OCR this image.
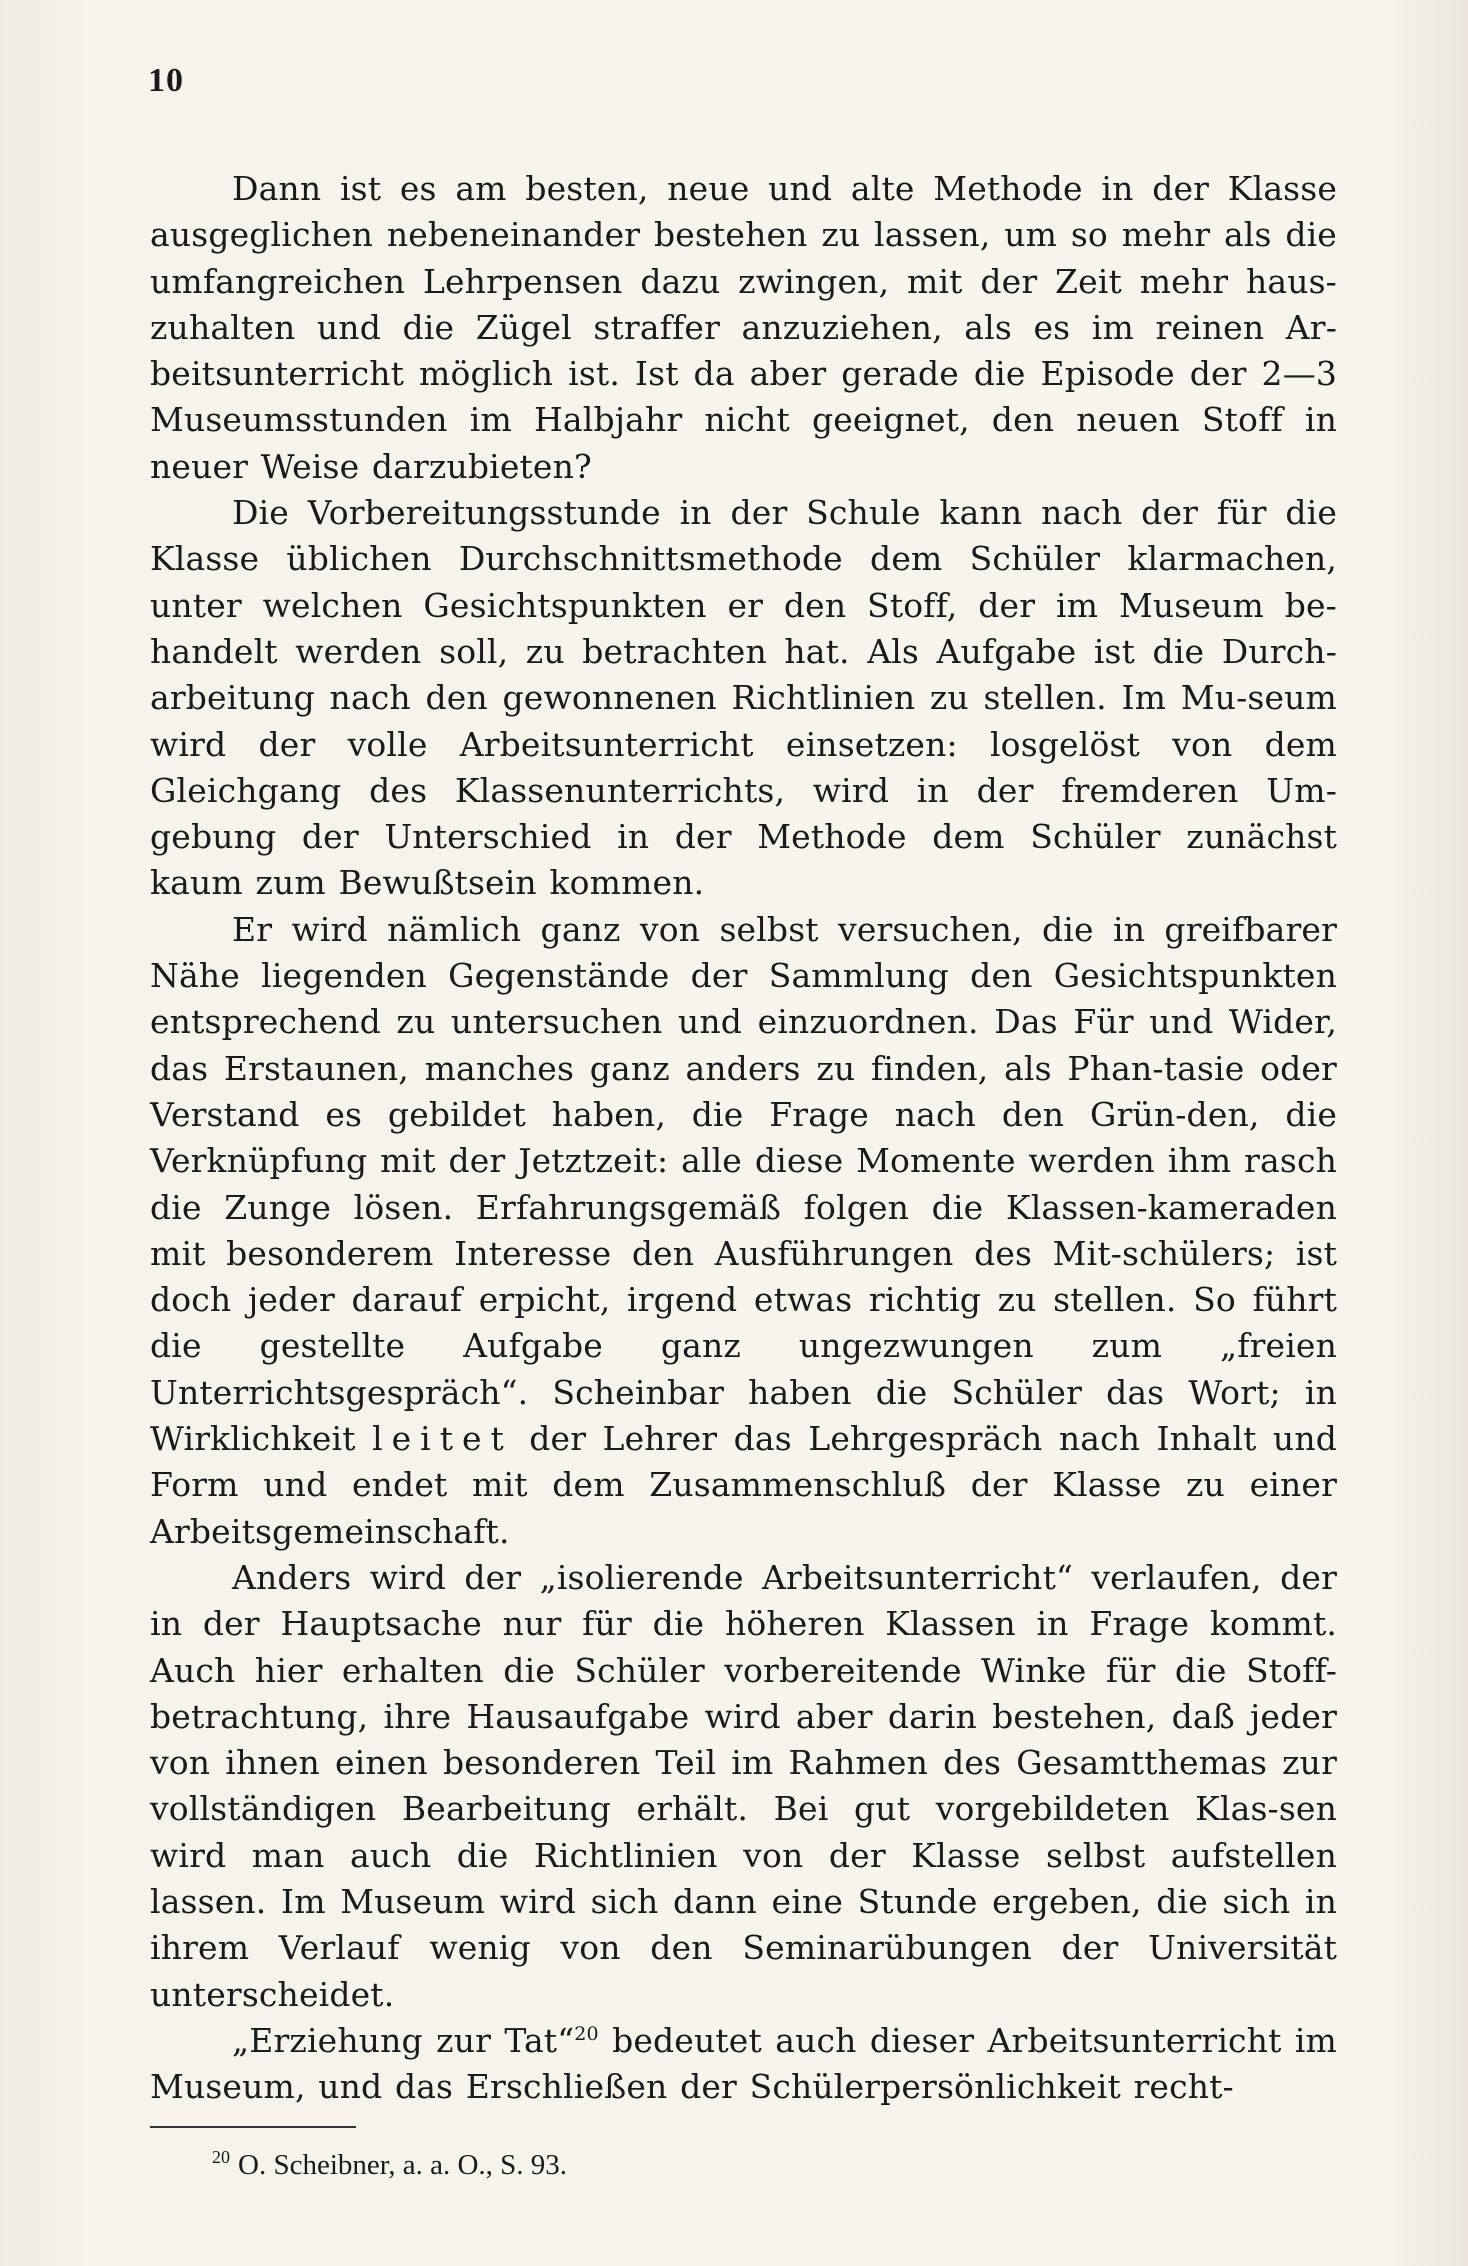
10

Dann ist es am besten, neue und alte Methode in der Klasse ausgeglichen nebeneinander bestehen zu lassen, um so mehr als die umfangreichen Lehrpensen dazu zwingen, mit der Zeit mehr haus-zuhalten und die Zügel straffer anzuziehen, als es im reinen Ar-beitsunterricht möglich ist. Ist da aber gerade die Episode der 2—3 Museumsstunden im Halbjahr nicht geeignet, den neuen Stoff in neuer Weise darzubieten?

Die Vorbereitungsstunde in der Schule kann nach der für die Klasse üblichen Durchschnittsmethode dem Schüler klarmachen, unter welchen Gesichtspunkten er den Stoff, der im Museum be-handelt werden soll, zu betrachten hat. Als Aufgabe ist die Durch-arbeitung nach den gewonnenen Richtlinien zu stellen. Im Mu-seum wird der volle Arbeitsunterricht einsetzen: losgelöst von dem Gleichgang des Klassenunterrichts, wird in der fremderen Um-gebung der Unterschied in der Methode dem Schüler zunächst kaum zum Bewußtsein kommen.

Er wird nämlich ganz von selbst versuchen, die in greifbarer Nähe liegenden Gegenstände der Sammlung den Gesichtspunkten entsprechend zu untersuchen und einzuordnen. Das Für und Wider, das Erstaunen, manches ganz anders zu finden, als Phan-tasie oder Verstand es gebildet haben, die Frage nach den Grün-den, die Verknüpfung mit der Jetztzeit: alle diese Momente werden ihm rasch die Zunge lösen. Erfahrungsgemäß folgen die Klassen-kameraden mit besonderem Interesse den Ausführungen des Mit-schülers; ist doch jeder darauf erpicht, irgend etwas richtig zu stellen. So führt die gestellte Aufgabe ganz ungezwungen zum „freien Unterrichtsgespräch“. Scheinbar haben die Schüler das Wort; in Wirklichkeit leitet der Lehrer das Lehrgespräch nach Inhalt und Form und endet mit dem Zusammenschluß der Klasse zu einer Arbeitsgemeinschaft.

Anders wird der „isolierende Arbeitsunterricht“ verlaufen, der in der Hauptsache nur für die höheren Klassen in Frage kommt. Auch hier erhalten die Schüler vorbereitende Winke für die Stoff-betrachtung, ihre Hausaufgabe wird aber darin bestehen, daß jeder von ihnen einen besonderen Teil im Rahmen des Gesamtthemas zur vollständigen Bearbeitung erhält. Bei gut vorgebildeten Klas-sen wird man auch die Richtlinien von der Klasse selbst aufstellen lassen. Im Museum wird sich dann eine Stunde ergeben, die sich in ihrem Verlauf wenig von den Seminarübungen der Universität unterscheidet.

„Erziehung zur Tat“$^{20}$ bedeutet auch dieser Arbeitsunterricht im Museum, und das Erschließen der Schülerpersönlichkeit recht-

$^{20}$ O. Scheibner, a. a. O., S. 93.
